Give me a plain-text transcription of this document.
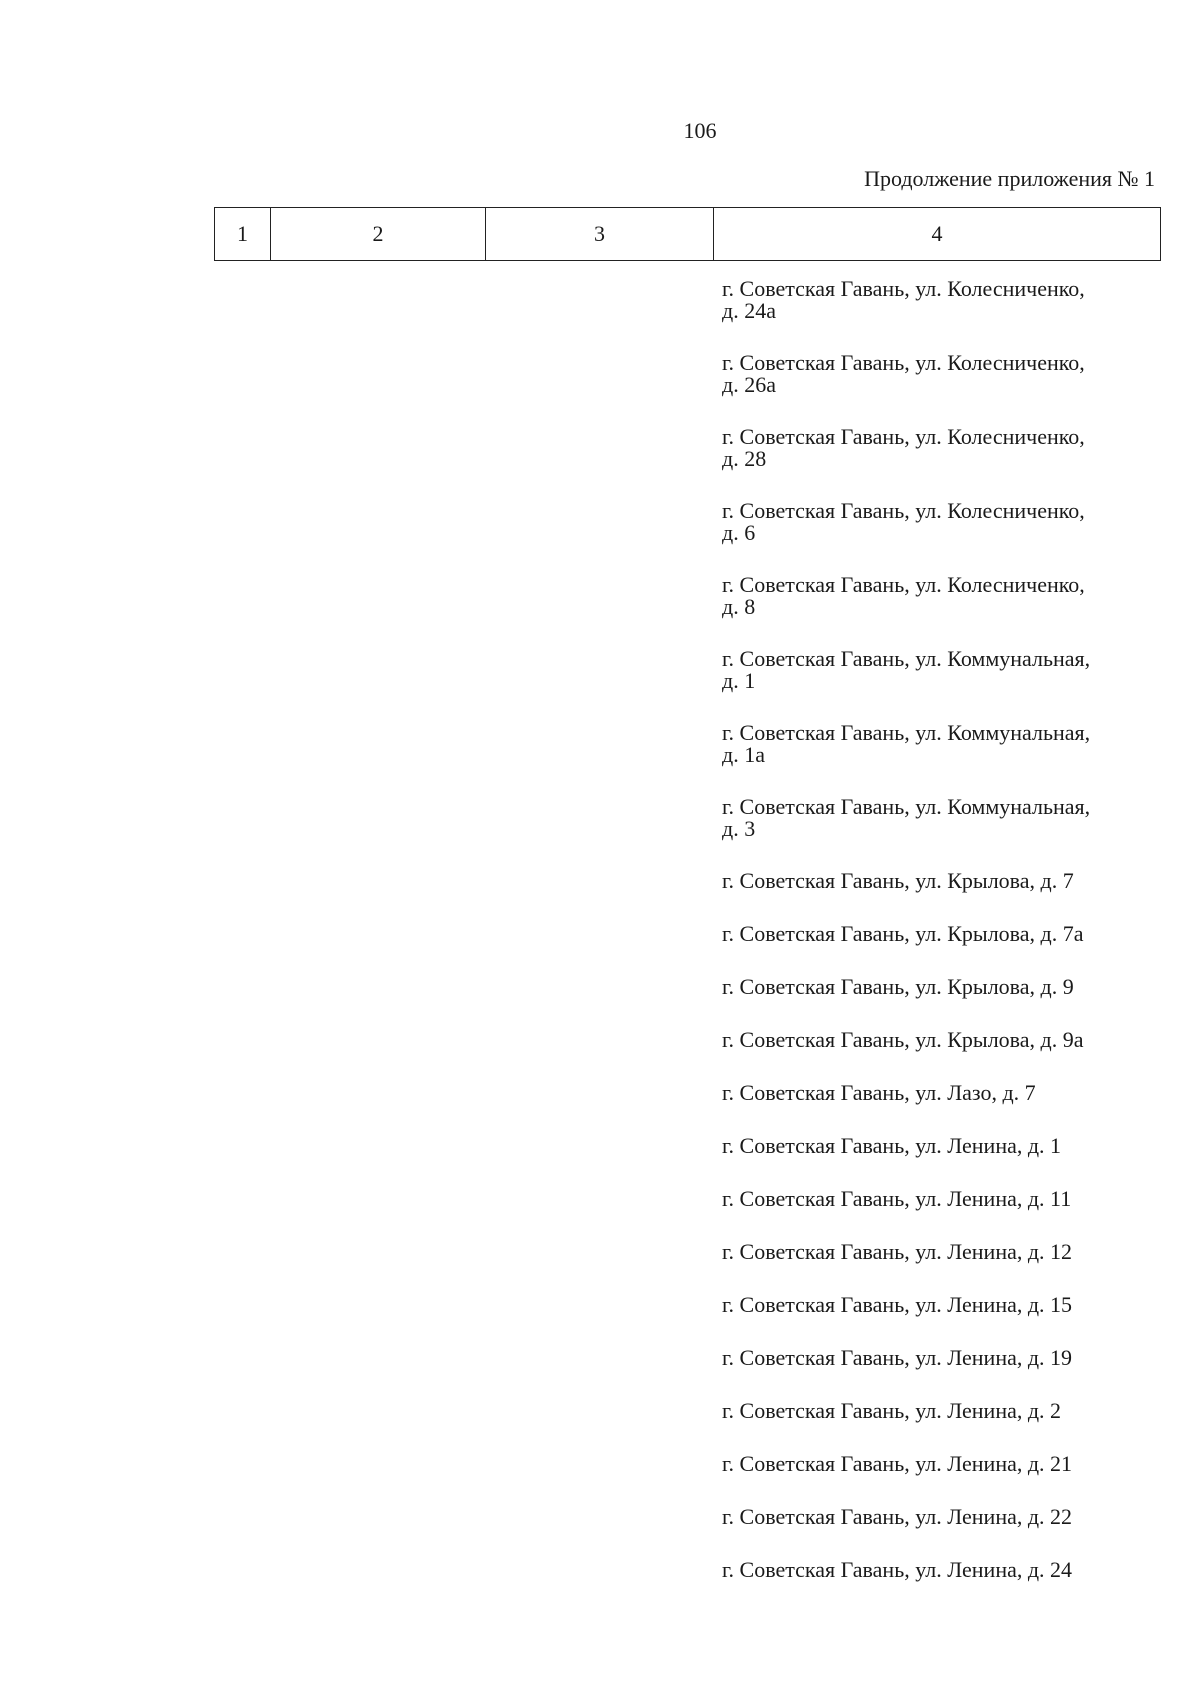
106
Продолжение приложения № 1
1	2	3	4
г. Советская Гавань, ул. Колесниченко,
д. 24а
г. Советская Гавань, ул. Колесниченко,
д. 26а
г. Советская Гавань, ул. Колесниченко,
д. 28
г. Советская Гавань, ул. Колесниченко,
д. 6
г. Советская Гавань, ул. Колесниченко,
д. 8
г. Советская Гавань, ул. Коммунальная,
д. 1
г. Советская Гавань, ул. Коммунальная,
д. 1а
г. Советская Гавань, ул. Коммунальная,
д. 3
г. Советская Гавань, ул. Крылова, д. 7
г. Советская Гавань, ул. Крылова, д. 7а
г. Советская Гавань, ул. Крылова, д. 9
г. Советская Гавань, ул. Крылова, д. 9а
г. Советская Гавань, ул. Лазо, д. 7
г. Советская Гавань, ул. Ленина, д. 1
г. Советская Гавань, ул. Ленина, д. 11
г. Советская Гавань, ул. Ленина, д. 12
г. Советская Гавань, ул. Ленина, д. 15
г. Советская Гавань, ул. Ленина, д. 19
г. Советская Гавань, ул. Ленина, д. 2
г. Советская Гавань, ул. Ленина, д. 21
г. Советская Гавань, ул. Ленина, д. 22
г. Советская Гавань, ул. Ленина, д. 24
